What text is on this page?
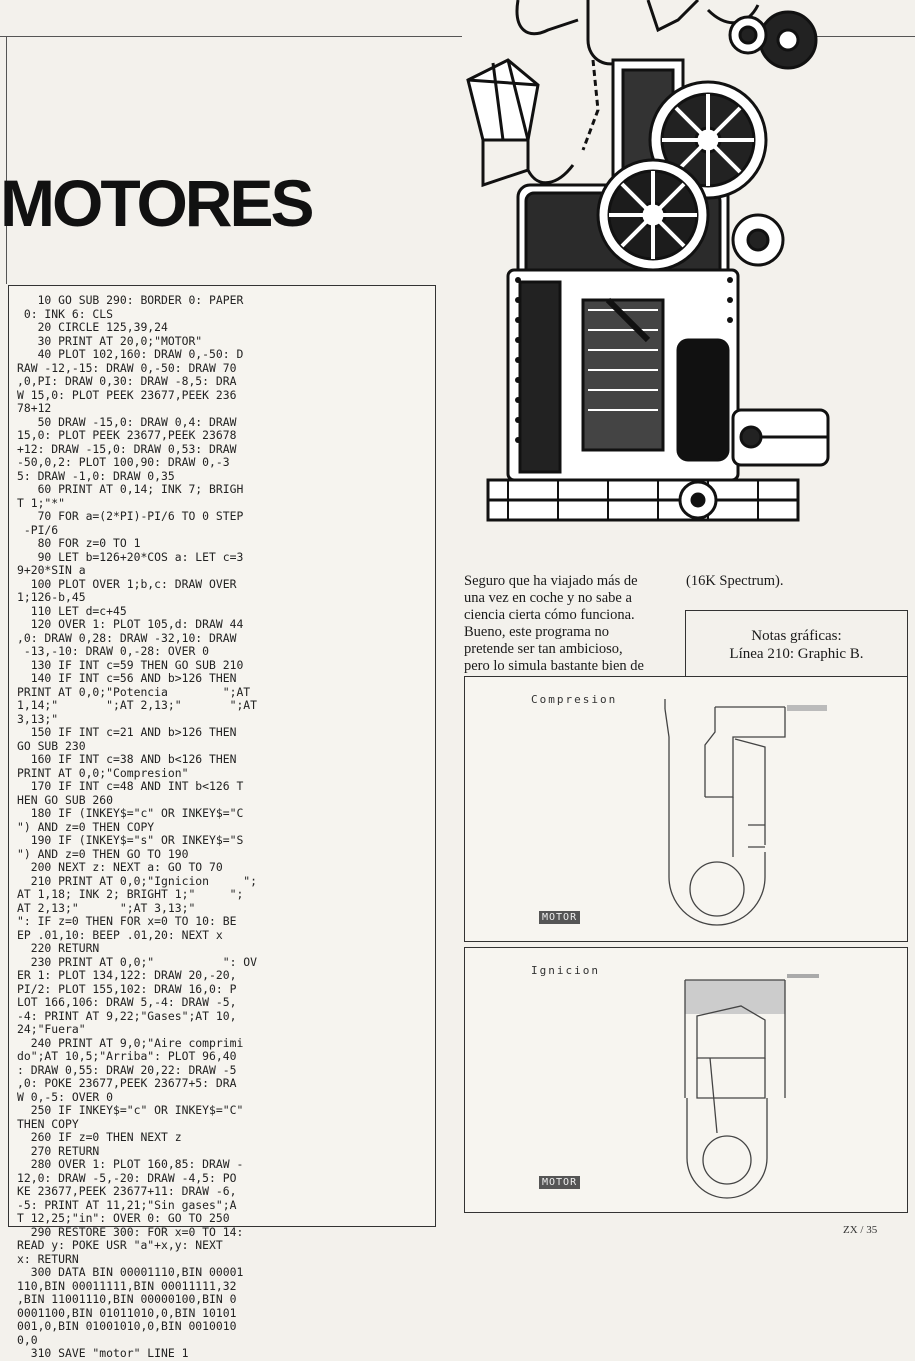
MOTORES
10 GO SUB 290: BORDER 0: PAPER
0: INK 6: CLS
20 CIRCLE 125,39,24
30 PRINT AT 20,0;"MOTOR"
40 PLOT 102,160: DRAW 0,-50: D
RAW -12,-15: DRAW 0,-50: DRAW 70
,0,PI: DRAW 0,30: DRAW -8,5: DRA
W 15,0: PLOT PEEK 23677,PEEK 236
78+12
50 DRAW -15,0: DRAW 0,4: DRAW
15,0: PLOT PEEK 23677,PEEK 23678
+12: DRAW -15,0: DRAW 0,53: DRAW
-50,0,2: PLOT 100,90: DRAW 0,-3
5: DRAW -1,0: DRAW 0,35
60 PRINT AT 0,14; INK 7; BRIGH
T 1;"*"
70 FOR a=(2*PI)-PI/6 TO 0 STEP
-PI/6
80 FOR z=0 TO 1
90 LET b=126+20*COS a: LET c=3
9+20*SIN a
100 PLOT OVER 1;b,c: DRAW OVER
1;126-b,45
110 LET d=c+45
120 OVER 1: PLOT 105,d: DRAW 44
,0: DRAW 0,28: DRAW -32,10: DRAW
-13,-10: DRAW 0,-28: OVER 0
130 IF INT c=59 THEN GO SUB 210
140 IF INT c=56 AND b>126 THEN
PRINT AT 0,0;"Potencia        ";AT
1,14;"       ";AT 2,13;"       ";AT
3,13;"
150 IF INT c=21 AND b>126 THEN
GO SUB 230
160 IF INT c=38 AND b<126 THEN
PRINT AT 0,0;"Compresion"
170 IF INT c=48 AND INT b<126 T
HEN GO SUB 260
180 IF (INKEY$="c" OR INKEY$="C
") AND z=0 THEN COPY
190 IF (INKEY$="s" OR INKEY$="S
") AND z=0 THEN GO TO 190
200 NEXT z: NEXT a: GO TO 70
210 PRINT AT 0,0;"Ignicion     ";
AT 1,18; INK 2; BRIGHT 1;"     ";
AT 2,13;"      ";AT 3,13;"
": IF z=0 THEN FOR x=0 TO 10: BE
EP .01,10: BEEP .01,20: NEXT x
220 RETURN
230 PRINT AT 0,0;"          ": OV
ER 1: PLOT 134,122: DRAW 20,-20,
PI/2: PLOT 155,102: DRAW 16,0: P
LOT 166,106: DRAW 5,-4: DRAW -5,
-4: PRINT AT 9,22;"Gases";AT 10,
24;"Fuera"
240 PRINT AT 9,0;"Aire comprimi
do";AT 10,5;"Arriba": PLOT 96,40
: DRAW 0,55: DRAW 20,22: DRAW -5
,0: POKE 23677,PEEK 23677+5: DRA
W 0,-5: OVER 0
250 IF INKEY$="c" OR INKEY$="C"
THEN COPY
260 IF z=0 THEN NEXT z
270 RETURN
280 OVER 1: PLOT 160,85: DRAW -
12,0: DRAW -5,-20: DRAW -4,5: PO
KE 23677,PEEK 23677+11: DRAW -6,
-5: PRINT AT 11,21;"Sin gases";A
T 12,25;"in": OVER 0: GO TO 250
290 RESTORE 300: FOR x=0 TO 14:
READ y: POKE USR "a"+x,y: NEXT
x: RETURN
300 DATA BIN 00001110,BIN 00001
110,BIN 00011111,BIN 00011111,32
,BIN 11001110,BIN 00000100,BIN 0
0001100,BIN 01011010,0,BIN 10101
001,0,BIN 01001010,0,BIN 0010010
0,0
310 SAVE "motor" LINE 1
Seguro que ha viajado más de una vez en coche y no sabe a ciencia cierta cómo funciona. Bueno, este programa no pretende ser tan ambicioso, pero lo simula bastante bien de
(16K Spectrum).
Notas gráficas:
Línea 210: Graphic B.
Compresion
MOTOR
Ignicion
MOTOR
ZX / 35
